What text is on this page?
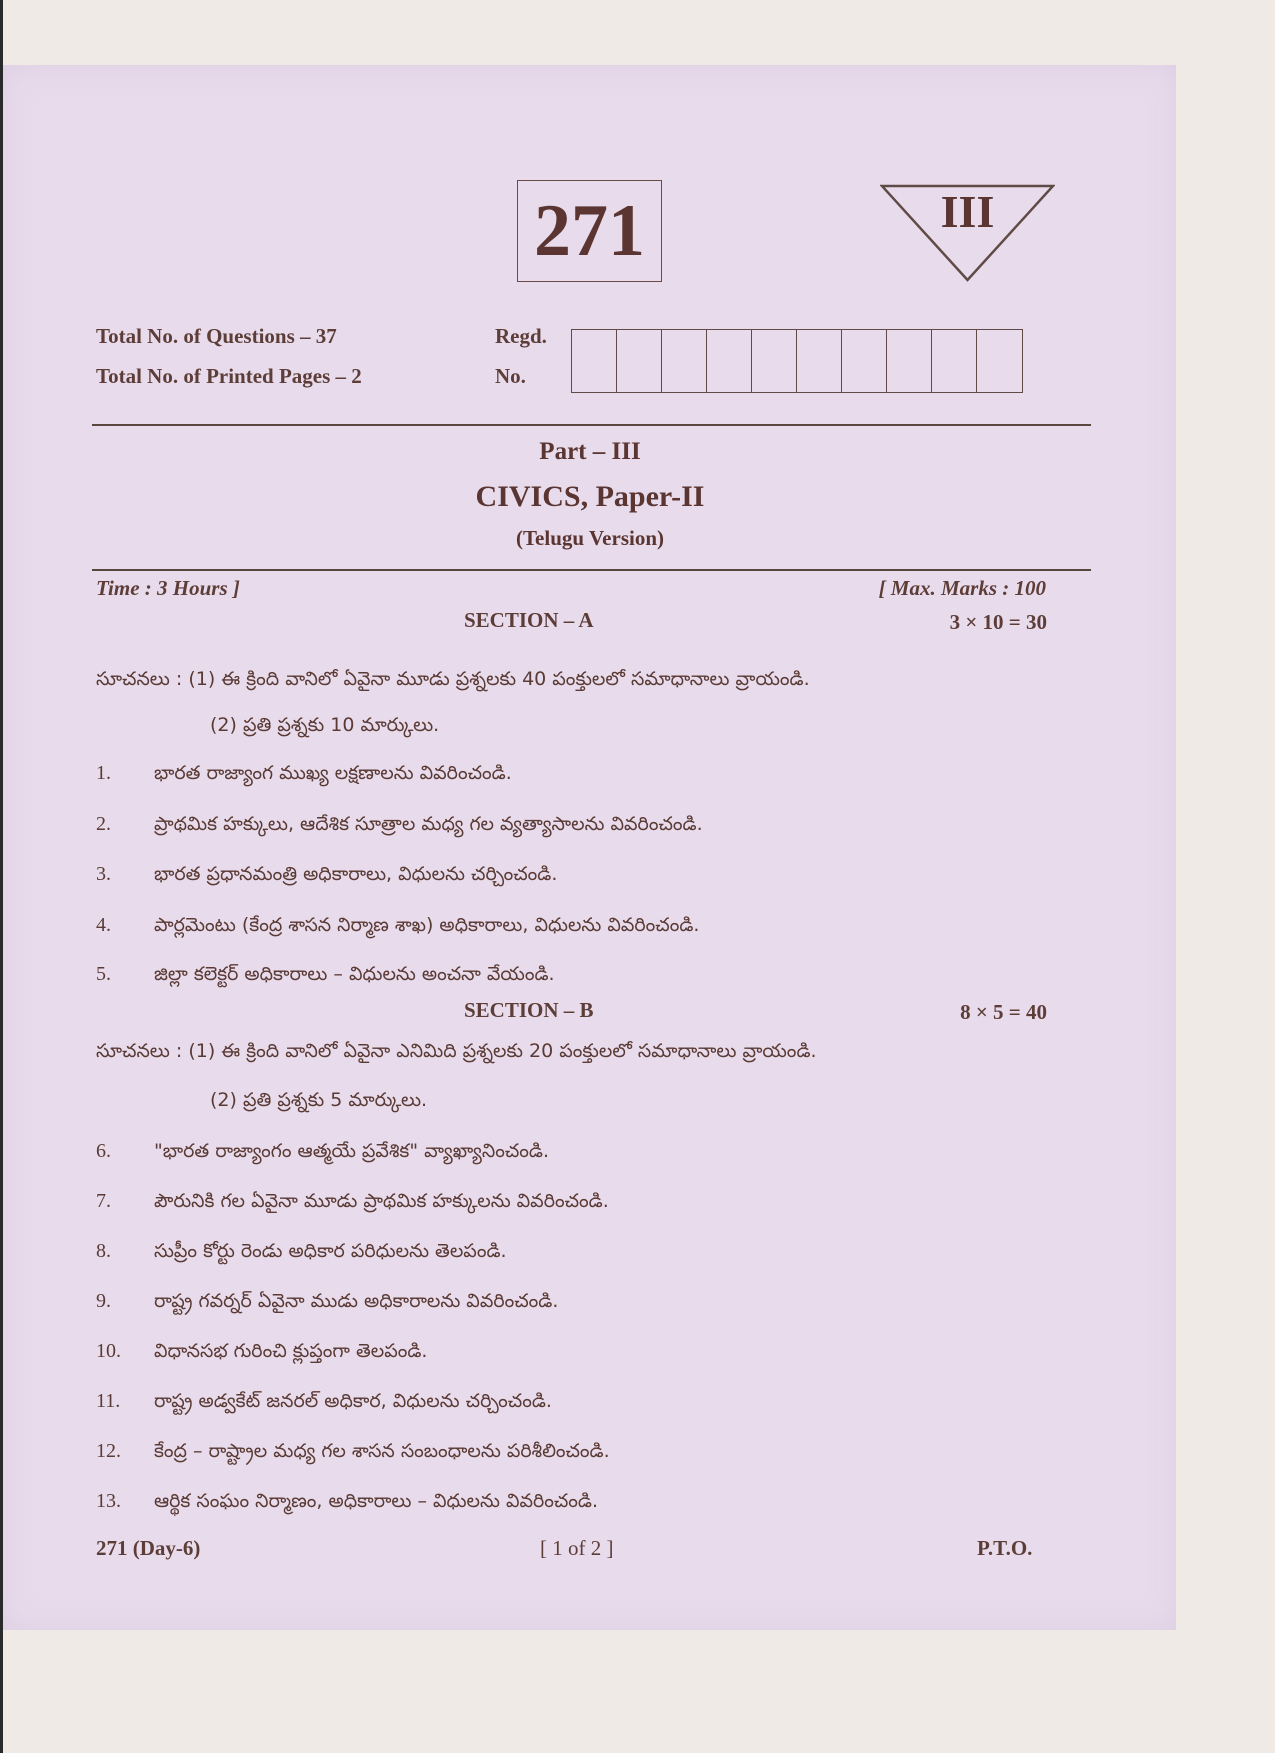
271	III
Total No. of Questions – 37
Total No. of Printed Pages – 2
Regd.
No.
Part – III
CIVICS, Paper-II
(Telugu Version)
Time : 3 Hours ]	[ Max. Marks : 100
SECTION – A	3 × 10 = 30
సూచనలు : (1) ఈ క్రింది వానిలో ఏవైనా మూడు ప్రశ్నలకు 40 పంక్తులలో సమాధానాలు వ్రాయండి.
(2) ప్రతి ప్రశ్నకు 10 మార్కులు.
1. భారత రాజ్యాంగ ముఖ్య లక్షణాలను వివరించండి.
2. ప్రాథమిక హక్కులు, ఆదేశిక సూత్రాల మధ్య గల వ్యత్యాసాలను వివరించండి.
3. భారత ప్రధానమంత్రి అధికారాలు, విధులను చర్చించండి.
4. పార్లమెంటు (కేంద్ర శాసన నిర్మాణ శాఖ) అధికారాలు, విధులను వివరించండి.
5. జిల్లా కలెక్టర్ అధికారాలు – విధులను అంచనా వేయండి.
SECTION – B	8 × 5 = 40
సూచనలు : (1) ఈ క్రింది వానిలో ఏవైనా ఎనిమిది ప్రశ్నలకు 20 పంక్తులలో సమాధానాలు వ్రాయండి.
(2) ప్రతి ప్రశ్నకు 5 మార్కులు.
6. "భారత రాజ్యాంగం ఆత్మయే ప్రవేశిక" వ్యాఖ్యానించండి.
7. పౌరునికి గల ఏవైనా మూడు ప్రాథమిక హక్కులను వివరించండి.
8. సుప్రీం కోర్టు రెండు అధికార పరిధులను తెలపండి.
9. రాష్ట్ర గవర్నర్ ఏవైనా ముడు అధికారాలను వివరించండి.
10. విధానసభ గురించి క్లుప్తంగా తెలపండి.
11. రాష్ట్ర అడ్వకేట్ జనరల్ అధికార, విధులను చర్చించండి.
12. కేంద్ర – రాష్ట్రాల మధ్య గల శాసన సంబంధాలను పరిశీలించండి.
13. ఆర్థిక సంఘం నిర్మాణం, అధికారాలు – విధులను వివరించండి.
271 (Day-6)	[ 1 of 2 ]	P.T.O.
